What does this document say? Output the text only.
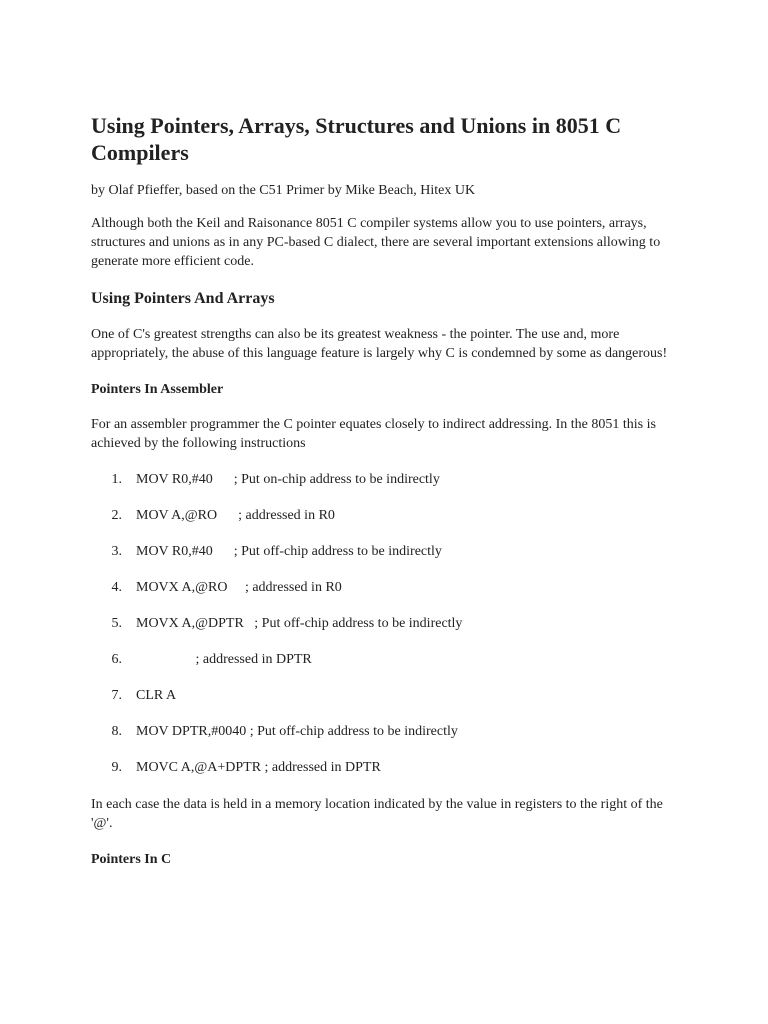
Using Pointers, Arrays, Structures and Unions in 8051 C Compilers

by Olaf Pfieffer, based on the C51 Primer by Mike Beach, Hitex UK

Although both the Keil and Raisonance 8051 C compiler systems allow you to use pointers, arrays, structures and unions as in any PC-based C dialect, there are several important extensions allowing to generate more efficient code.

Using Pointers And Arrays

One of C's greatest strengths can also be its greatest weakness - the pointer. The use and, more appropriately, the abuse of this language feature is largely why C is condemned by some as dangerous!

Pointers In Assembler

For an assembler programmer the C pointer equates closely to indirect addressing. In the 8051 this is achieved by the following instructions

1. MOV R0,#40      ; Put on-chip address to be indirectly
2. MOV A,@RO      ; addressed in R0
3. MOV R0,#40      ; Put off-chip address to be indirectly
4. MOVX A,@RO     ; addressed in R0
5. MOVX A,@DPTR   ; Put off-chip address to be indirectly
6. ; addressed in DPTR
7. CLR A
8. MOV DPTR,#0040 ; Put off-chip address to be indirectly
9. MOVC A,@A+DPTR ; addressed in DPTR

In each case the data is held in a memory location indicated by the value in registers to the right of the '@'.

Pointers In C
